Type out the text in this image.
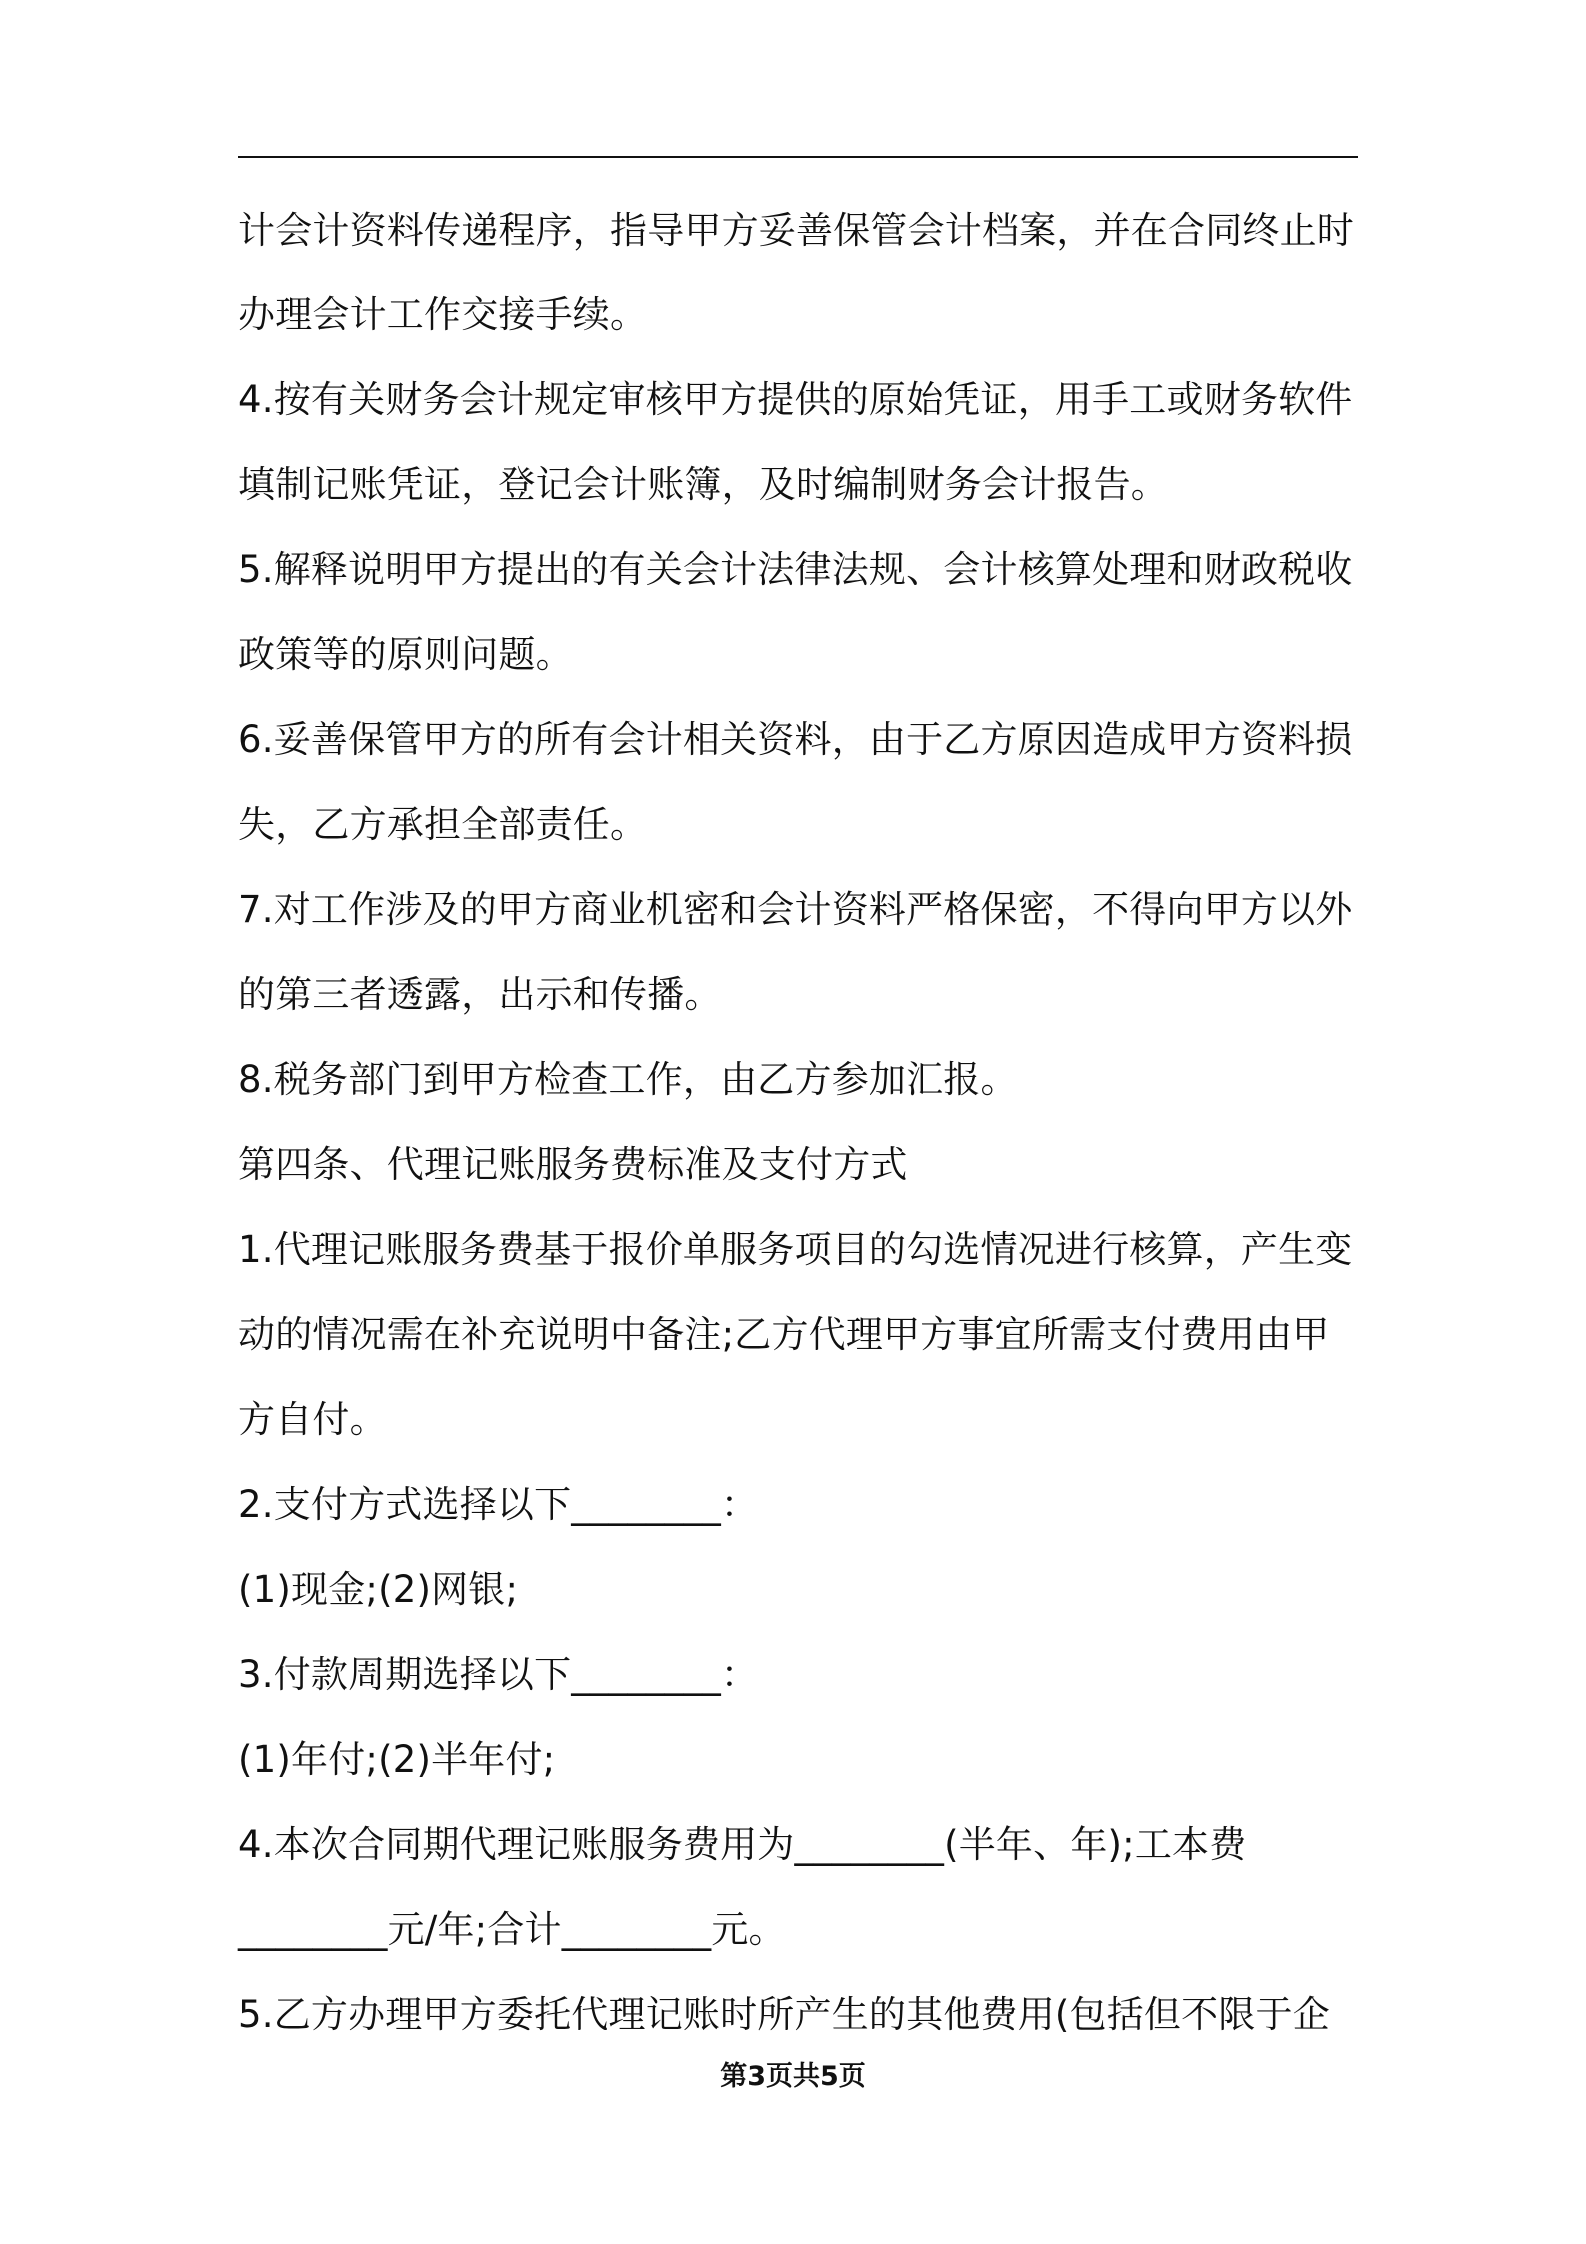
计会计资料传递程序，指导甲方妥善保管会计档案，并在合同终止时
办理会计工作交接手续。
4.按有关财务会计规定审核甲方提供的原始凭证，用手工或财务软件
填制记账凭证，登记会计账簿，及时编制财务会计报告。
5.解释说明甲方提出的有关会计法律法规、会计核算处理和财政税收
政策等的原则问题。
6.妥善保管甲方的所有会计相关资料，由于乙方原因造成甲方资料损
失，乙方承担全部责任。
7.对工作涉及的甲方商业机密和会计资料严格保密，不得向甲方以外
的第三者透露，出示和传播。
8.税务部门到甲方检查工作，由乙方参加汇报。
第四条、代理记账服务费标准及支付方式
1.代理记账服务费基于报价单服务项目的勾选情况进行核算，产生变
动的情况需在补充说明中备注;乙方代理甲方事宜所需支付费用由甲
方自付。
2.支付方式选择以下________：
(1)现金;(2)网银;
3.付款周期选择以下________：
(1)年付;(2)半年付;
4.本次合同期代理记账服务费用为________(半年、年);工本费
________元/年;合计________元。
5.乙方办理甲方委托代理记账时所产生的其他费用(包括但不限于企
第3页共5页
